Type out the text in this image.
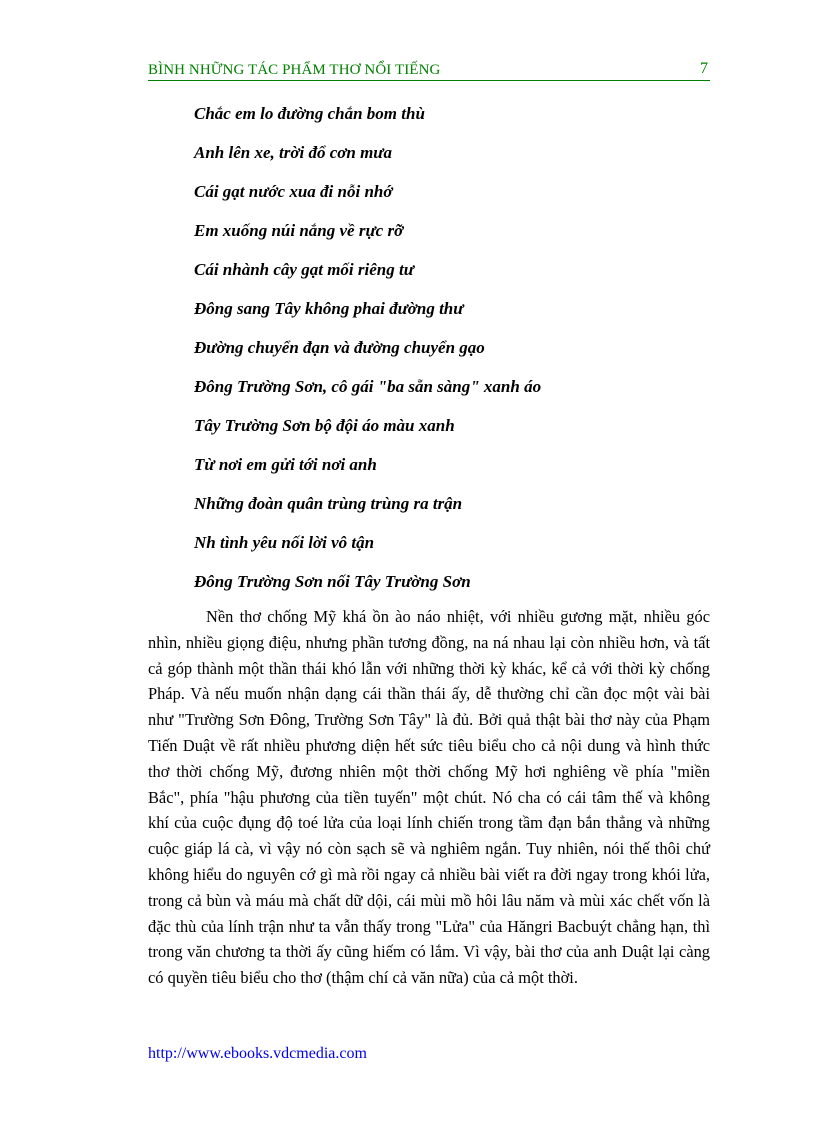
BÌNH NHỮNG TÁC PHẨM THƠ NỔI TIẾNG	7
Chắc em lo đường chắn bom thù
Anh lên xe, trời đổ cơn mưa
Cái gạt nước xua đi nỗi nhớ
Em xuống núi nắng về rực rỡ
Cái nhành cây gạt mối riêng tư
Đông sang Tây không phai đường thư
Đường chuyển đạn và đường chuyển gạo
Đông Trường Sơn, cô gái "ba sẵn sàng" xanh áo
Tây Trường Sơn bộ đội áo màu xanh
Từ nơi em gửi tới nơi anh
Những đoàn quân trùng trùng ra trận
Nh tình yêu nối lời vô tận
Đông Trường Sơn nối Tây Trường Sơn

Nền thơ chống Mỹ khá ồn ào náo nhiệt, với nhiều gương mặt, nhiều góc nhìn, nhiều giọng điệu, nhưng phần tương đồng, na ná nhau lại còn nhiều hơn, và tất cả góp thành một thần thái khó lẫn với những thời kỳ khác, kể cả với thời kỳ chống Pháp. Và nếu muốn nhận dạng cái thần thái ấy, dễ thường chỉ cần đọc một vài bài như "Trường Sơn Đông, Trường Sơn Tây" là đủ. Bởi quả thật bài thơ này của Phạm Tiến Duật về rất nhiều phương diện hết sức tiêu biểu cho cả nội dung và hình thức thơ thời chống Mỹ, đương nhiên một thời chống Mỹ hơi nghiêng về phía "miền Bắc", phía "hậu phương của tiền tuyến" một chút. Nó cha có cái tâm thế và không khí của cuộc đụng độ toé lửa của loại lính chiến trong tầm đạn bắn thẳng và những cuộc giáp lá cà, vì vậy nó còn sạch sẽ và nghiêm ngắn. Tuy nhiên, nói thế thôi chứ không hiểu do nguyên cớ gì mà rồi ngay cả nhiều bài viết ra đời ngay trong khói lửa, trong cả bùn và máu mà chất dữ dội, cái mùi mồ hôi lâu năm và mùi xác chết vốn là đặc thù của lính trận như ta vẫn thấy trong "Lửa" của Hăngri Bacbuýt chẳng hạn, thì trong văn chương ta thời ấy cũng hiếm có lắm. Vì vậy, bài thơ của anh Duật lại càng có quyền tiêu biểu cho thơ (thậm chí cả văn nữa) của cả một thời.

http://www.ebooks.vdcmedia.com
